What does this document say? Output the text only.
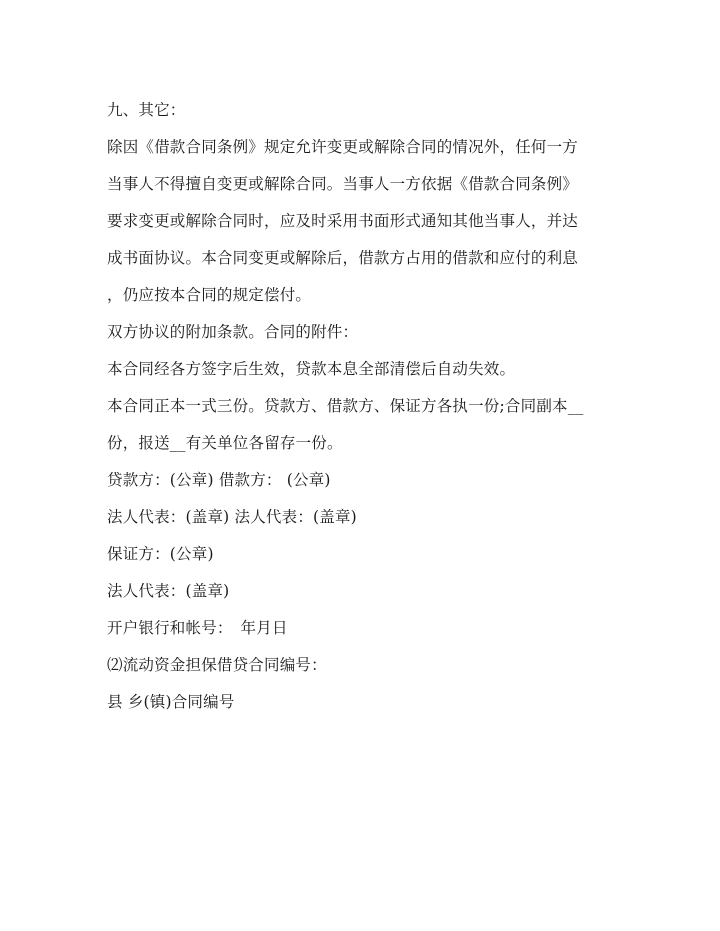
九、其它：
除因《借款合同条例》规定允许变更或解除合同的情况外，任何一方
当事人不得擅自变更或解除合同。当事人一方依据《借款合同条例》
要求变更或解除合同时，应及时采用书面形式通知其他当事人，并达
成书面协议。本合同变更或解除后，借款方占用的借款和应付的利息
，仍应按本合同的规定偿付。
双方协议的附加条款。合同的附件：
本合同经各方签字后生效，贷款本息全部清偿后自动失效。
本合同正本一式三份。贷款方、借款方、保证方各执一份;合同副本__
份，报送__有关单位各留存一份。
贷款方：(公章) 借款方： (公章)
法人代表：(盖章) 法人代表：(盖章)
保证方：(公章)
法人代表：(盖章)
开户银行和帐号：　年月日
⑵流动资金担保借贷合同编号：
县 乡(镇)合同编号
